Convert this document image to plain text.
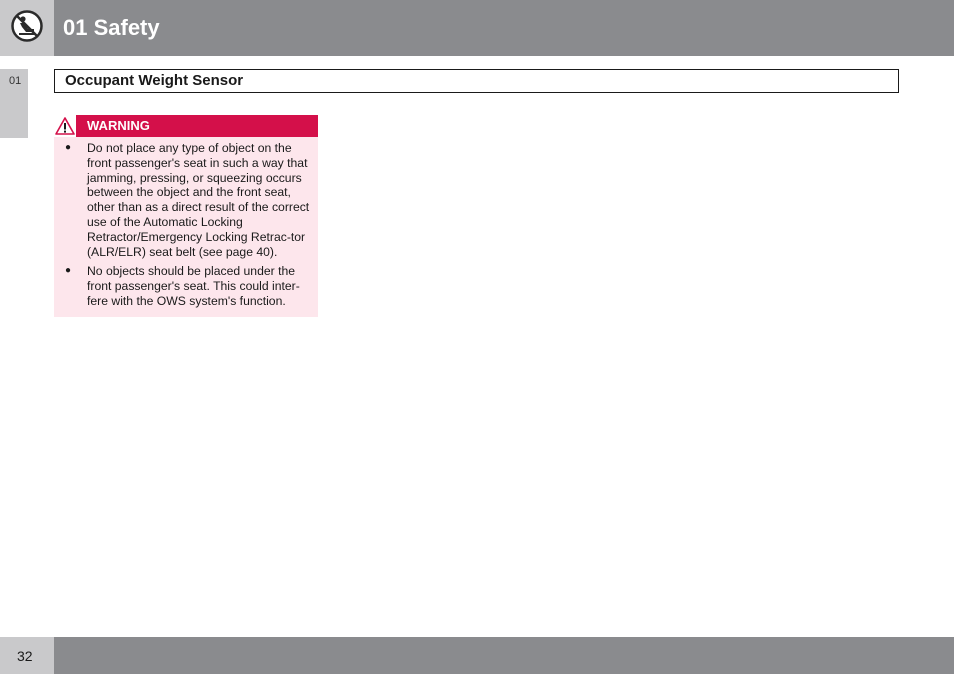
01 Safety
01	Occupant Weight Sensor
WARNING
● Do not place any type of object on the front passenger's seat in such a way that jamming, pressing, or squeezing occurs between the object and the front seat, other than as a direct result of the correct use of the Automatic Locking Retractor/Emergency Locking Retrac-tor (ALR/ELR) seat belt (see page 40).
● No objects should be placed under the front passenger's seat. This could inter-fere with the OWS system's function.
32
